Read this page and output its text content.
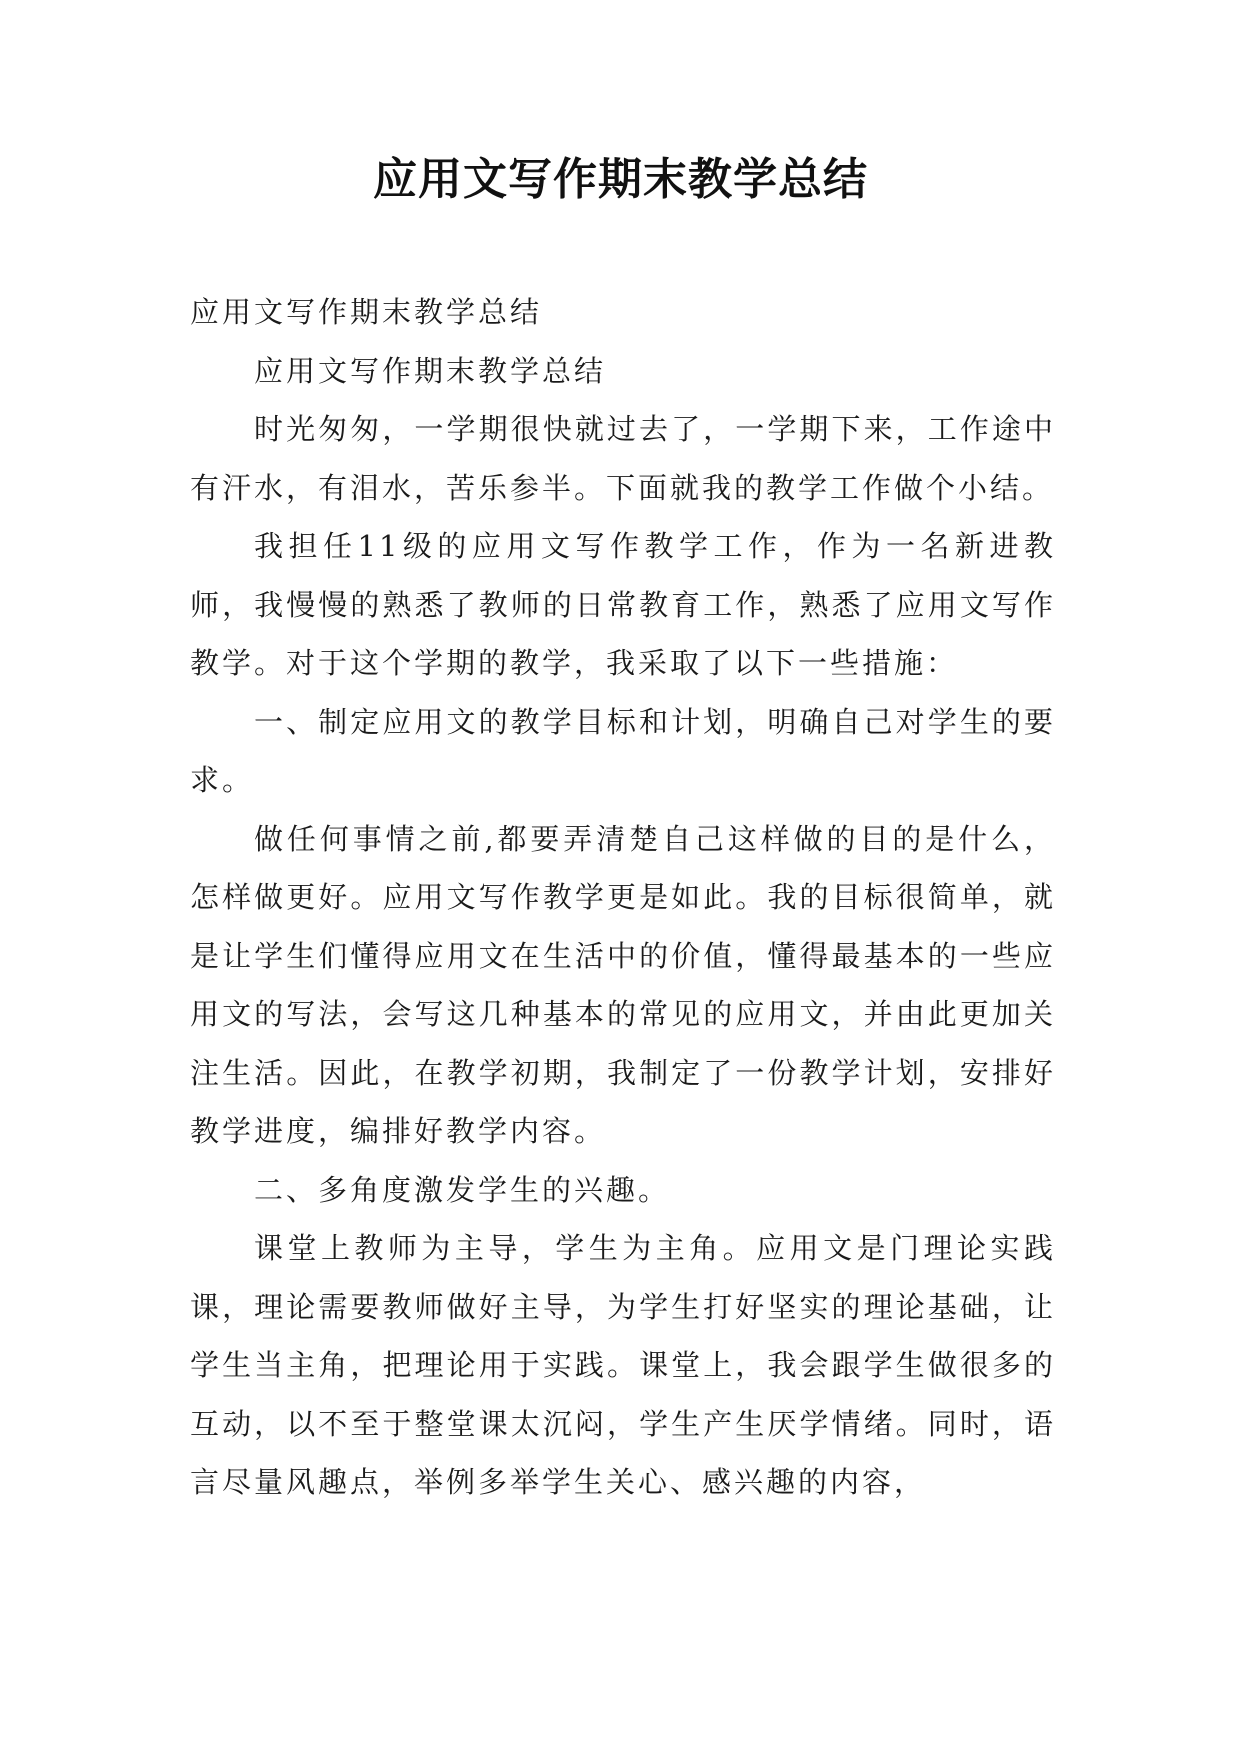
应用文写作期末教学总结

应用文写作期末教学总结

应用文写作期末教学总结

时光匆匆，一学期很快就过去了，一学期下来，工作途中有汗水，有泪水，苦乐参半。下面就我的教学工作做个小结。

我担任11级的应用文写作教学工作，作为一名新进教师，我慢慢的熟悉了教师的日常教育工作，熟悉了应用文写作教学。对于这个学期的教学，我采取了以下一些措施：

一、制定应用文的教学目标和计划，明确自己对学生的要求。

做任何事情之前,都要弄清楚自己这样做的目的是什么，怎样做更好。应用文写作教学更是如此。我的目标很简单，就是让学生们懂得应用文在生活中的价值，懂得最基本的一些应用文的写法，会写这几种基本的常见的应用文，并由此更加关注生活。因此，在教学初期，我制定了一份教学计划，安排好教学进度，编排好教学内容。

二、多角度激发学生的兴趣。

课堂上教师为主导，学生为主角。应用文是门理论实践课，理论需要教师做好主导，为学生打好坚实的理论基础，让学生当主角，把理论用于实践。课堂上，我会跟学生做很多的互动，以不至于整堂课太沉闷，学生产生厌学情绪。同时，语言尽量风趣点，举例多举学生关心、感兴趣的内容，
